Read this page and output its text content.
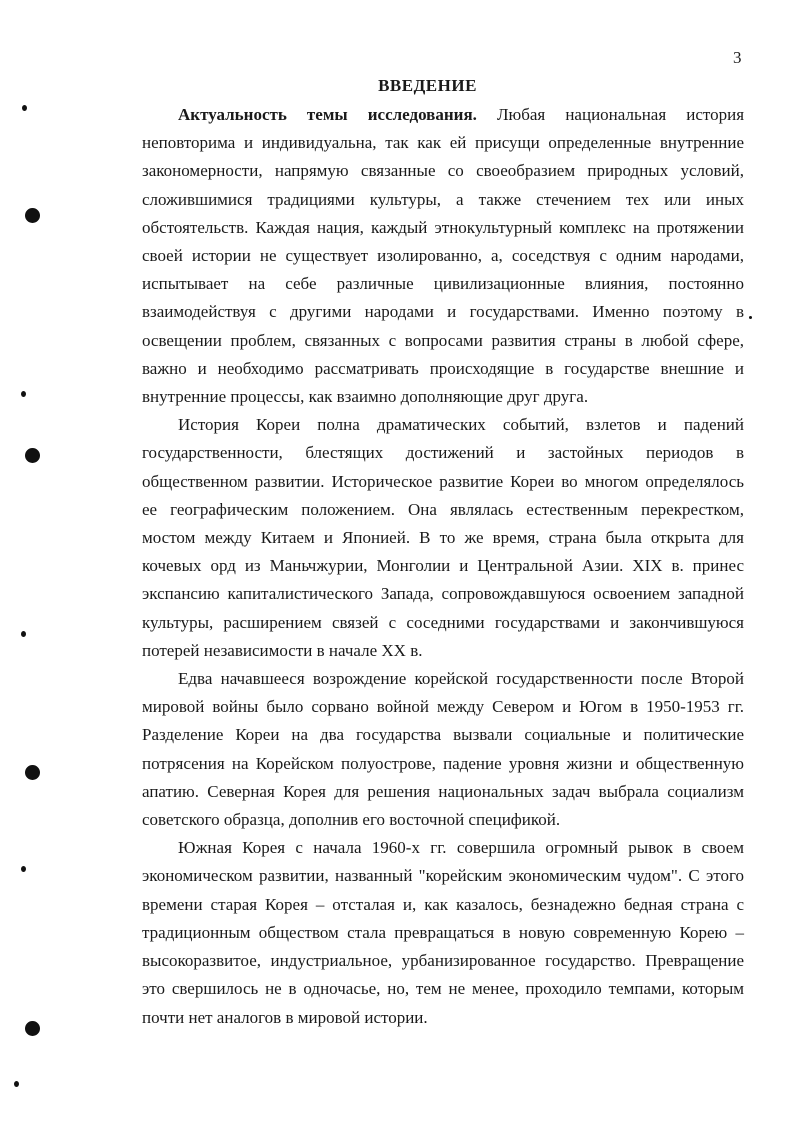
3
ВВЕДЕНИЕ

Актуальность темы исследования. Любая национальная история неповторима и индивидуальна, так как ей присущи определенные внутренние закономерности, напрямую связанные со своеобразием природных условий, сложившимися традициями культуры, а также стечением тех или иных обстоятельств. Каждая нация, каждый этнокультурный комплекс на протяжении своей истории не существует изолированно, а, соседствуя с одним народами, испытывает на себе различные цивилизационные влияния, постоянно взаимодействуя с другими народами и государствами. Именно поэтому в освещении проблем, связанных с вопросами развития страны в любой сфере, важно и необходимо рассматривать происходящие в государстве внешние и внутренние процессы, как взаимно дополняющие друг друга.

История Кореи полна драматических событий, взлетов и падений государственности, блестящих достижений и застойных периодов в общественном развитии. Историческое развитие Кореи во многом определялось ее географическим положением. Она являлась естественным перекрестком, мостом между Китаем и Японией. В то же время, страна была открыта для кочевых орд из Маньчжурии, Монголии и Центральной Азии. XIX в. принес экспансию капиталистического Запада, сопровождавшуюся освоением западной культуры, расширением связей с соседними государствами и закончившуюся потерей независимости в начале XX в.

Едва начавшееся возрождение корейской государственности после Второй мировой войны было сорвано войной между Севером и Югом в 1950-1953 гг. Разделение Кореи на два государства вызвали социальные и политические потрясения на Корейском полуострове, падение уровня жизни и общественную апатию. Северная Корея для решения национальных задач выбрала социализм советского образца, дополнив его восточной спецификой.

Южная Корея с начала 1960-х гг. совершила огромный рывок в своем экономическом развитии, названный "корейским экономическим чудом". С этого времени старая Корея – отсталая и, как казалось, безнадежно бедная страна с традиционным обществом стала превращаться в новую современную Корею – высокоразвитое, индустриальное, урбанизированное государство. Превращение это свершилось не в одночасье, но, тем не менее, проходило темпами, которым почти нет аналогов в мировой истории.
